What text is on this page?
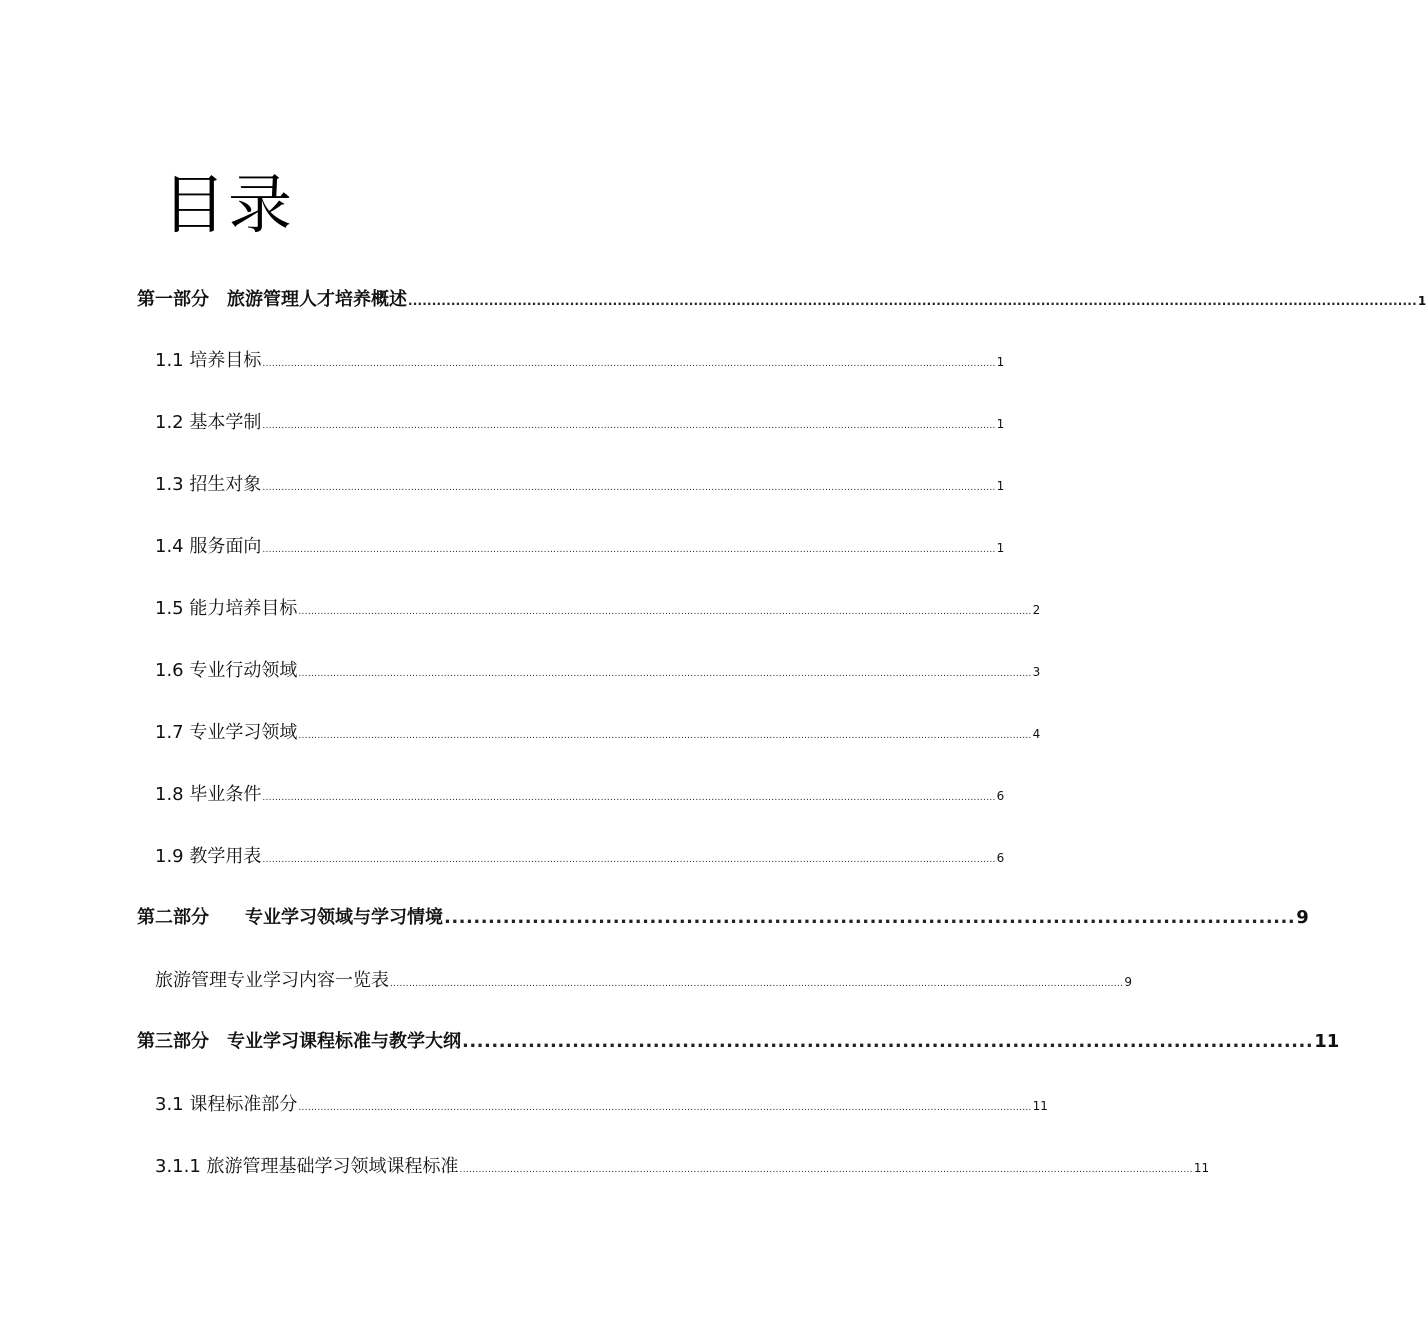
目录
第一部分　旅游管理人才培养概述 .................................................................................................................................................................................................................... 1
1.1 培养目标 ........................................................................................................................................................................................................................................ 1
1.2 基本学制 ........................................................................................................................................................................................................................................ 1
1.3 招生对象 ........................................................................................................................................................................................................................................ 1
1.4 服务面向 ........................................................................................................................................................................................................................................ 1
1.5 能力培养目标 ........................................................................................................................................................................................................................................ 2
1.6 专业行动领域 ........................................................................................................................................................................................................................................ 3
1.7 专业学习领域 ........................................................................................................................................................................................................................................ 4
1.8 毕业条件 ........................................................................................................................................................................................................................................ 6
1.9 教学用表 ........................................................................................................................................................................................................................................ 6
第二部分　　专业学习领域与学习情境 .................................................................................................................... 9
旅游管理专业学习内容一览表 ........................................................................................................................................................................................................................................ 9
第三部分　专业学习课程标准与教学大纲 .................................................................................................................... 11
3.1 课程标准部分 ........................................................................................................................................................................................................................................ 11
3.1.1 旅游管理基础学习领域课程标准 ........................................................................................................................................................................................................................................ 11
